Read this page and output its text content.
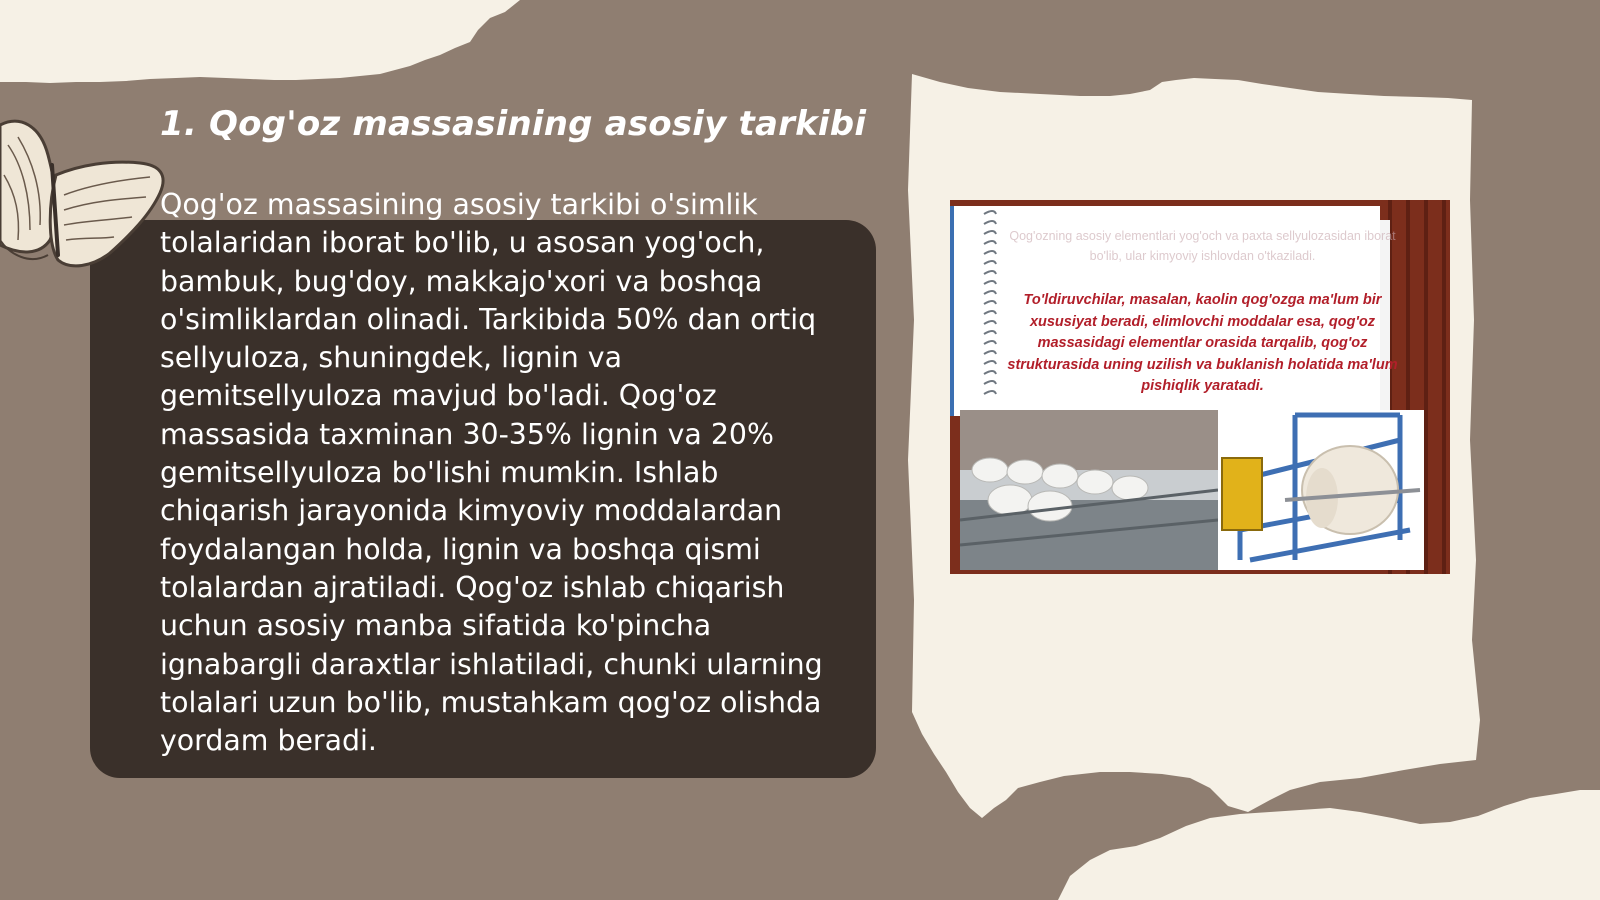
1. Qog'oz massasining asosiy tarkibi

Qog'oz massasining asosiy tarkibi o'simlik tolalaridan iborat bo'lib, u asosan yog'och, bambuk, bug'doy, makkajo'xori va boshqa o'simliklardan olinadi. Tarkibida 50% dan ortiq sellyuloza, shuningdek, lignin va gemitsellyuloza mavjud bo'ladi. Qog'oz massasida taxminan 30-35% lignin va 20% gemitsellyuloza bo'lishi mumkin. Ishlab chiqarish jarayonida kimyoviy moddalardan foydalangan holda, lignin va boshqa qismi tolalardan ajratiladi. Qog'oz ishlab chiqarish uchun asosiy manba sifatida ko'pincha ignabargli daraxtlar ishlatiladi, chunki ularning tolalari uzun bo'lib, mustahkam qog'oz olishda yordam beradi.

Qog'ozning asosiy elementlari yog'och va paxta sellyulozasidan iborat bo'lib, ular kimyoviy ishlovdan o'tkaziladi.

To'ldiruvchilar, masalan, kaolin qog'ozga ma'lum bir xususiyat beradi, elimlovchi moddalar esa, qog'oz massasidagi elementlar orasida tarqalib, qog'oz strukturasida uning uzilish va buklanish holatida ma'lum pishiqlik yaratadi.
